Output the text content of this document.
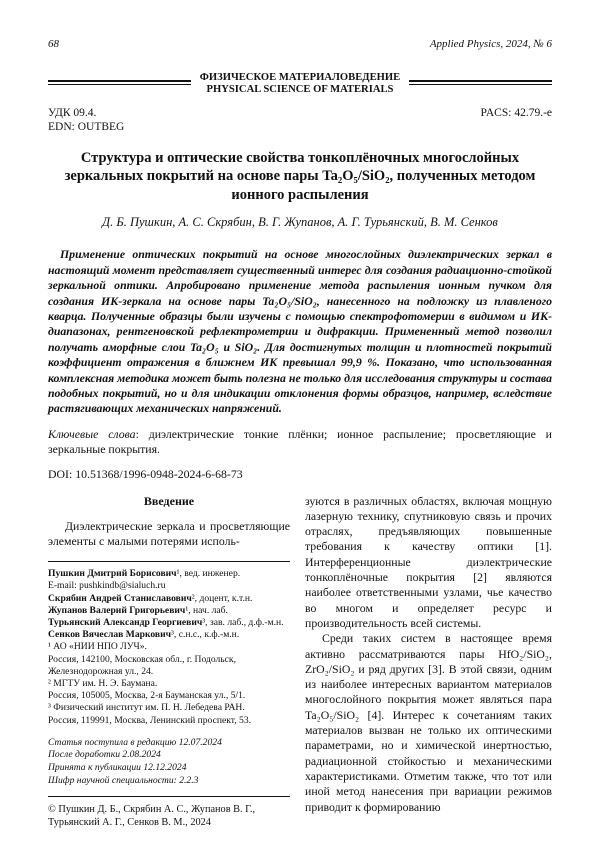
68	Applied Physics, 2024, № 6
ФИЗИЧЕСКОЕ МАТЕРИАЛОВЕДЕНИЕ
PHYSICAL SCIENCE OF MATERIALS
УДК 09.4.
EDN: OUTBEG
PACS: 42.79.-e
Структура и оптические свойства тонкоплёночных многослойных зеркальных покрытий на основе пары Ta₂O₅/SiO₂, полученных методом ионного распыления
Д. Б. Пушкин, А. С. Скрябин, В. Г. Жупанов, А. Г. Турьянский, В. М. Сенков
Применение оптических покрытий на основе многослойных диэлектрических зеркал в настоящий момент представляет существенный интерес для создания радиационно-стойкой зеркальной оптики. Апробировано применение метода распыления ионным пучком для создания ИК-зеркала на основе пары Ta₂O₅/SiO₂, нанесенного на подложку из плавленого кварца. Полученные образцы были изучены с помощью спектрофотомерии в видимом и ИК-диапазонах, рентгеновской рефлектрометрии и дифракции. Примененный метод позволил получать аморфные слои Ta₂O₅ и SiO₂. Для достигнутых толщин и плотностей покрытий коэффициент отражения в ближнем ИК превышал 99,9 %. Показано, что использованная комплексная методика может быть полезна не только для исследования структуры и состава подобных покрытий, но и для индикации отклонения формы образцов, например, вследствие растягивающих механических напряжений.
Ключевые слова: диэлектрические тонкие плёнки; ионное распыление; просветляющие и зеркальные покрытия.
DOI: 10.51368/1996-0948-2024-6-68-73
Введение

Диэлектрические зеркала и просветляющие элементы с малыми потерями исполь-

Пушкин Дмитрий Борисович¹, вед. инженер.
E-mail: pushkindb@sialuch.ru
Скрябин Андрей Станиславович², доцент, к.т.н.
Жупанов Валерий Григорьевич¹, нач. лаб.
Турьянский Александр Георгиевич³, зав. лаб., д.ф.-м.н.
Сенков Вячеслав Маркович³, с.н.с., к.ф.-м.н.
¹ АО «НИИ НПО ЛУЧ».
Россия, 142100, Московская обл., г. Подольск,
Железнодорожная ул., 24.
² МГТУ им. Н. Э. Баумана.
Россия, 105005, Москва, 2-я Бауманская ул., 5/1.
³ Физический институт им. П. Н. Лебедева РАН.
Россия, 119991, Москва, Ленинский проспект, 53.
Статья поступила в редакцию 12.07.2024
После доработки 2.08.2024
Принята к публикации 12.12.2024
Шифр научной специальности: 2.2.3
© Пушкин Д. Б., Скрябин А. С., Жупанов В. Г., Турьянский А. Г., Сенков В. М., 2024

зуются в различных областях, включая мощную лазерную технику, спутниковую связь и прочих отраслях, предъявляющих повышенные требования к качеству оптики [1]. Интерференционные диэлектрические тонкоплёночные покрытия [2] являются наиболее ответственными узлами, чье качество во многом и определяет ресурс и производительность всей системы.

Среди таких систем в настоящее время активно рассматриваются пары HfO₂/SiO₂, ZrO₂/SiO₂ и ряд других [3]. В этой связи, одним из наиболее интересных вариантом материалов многослойного покрытия может являться пара Ta₂O₅/SiO₂ [4]. Интерес к сочетаниям таких материалов вызван не только их оптическими параметрами, но и химической инертностью, радиационной стойкостью и механическими характеристиками. Отметим также, что тот или иной метод нанесения при вариации режимов приводит к формированию
